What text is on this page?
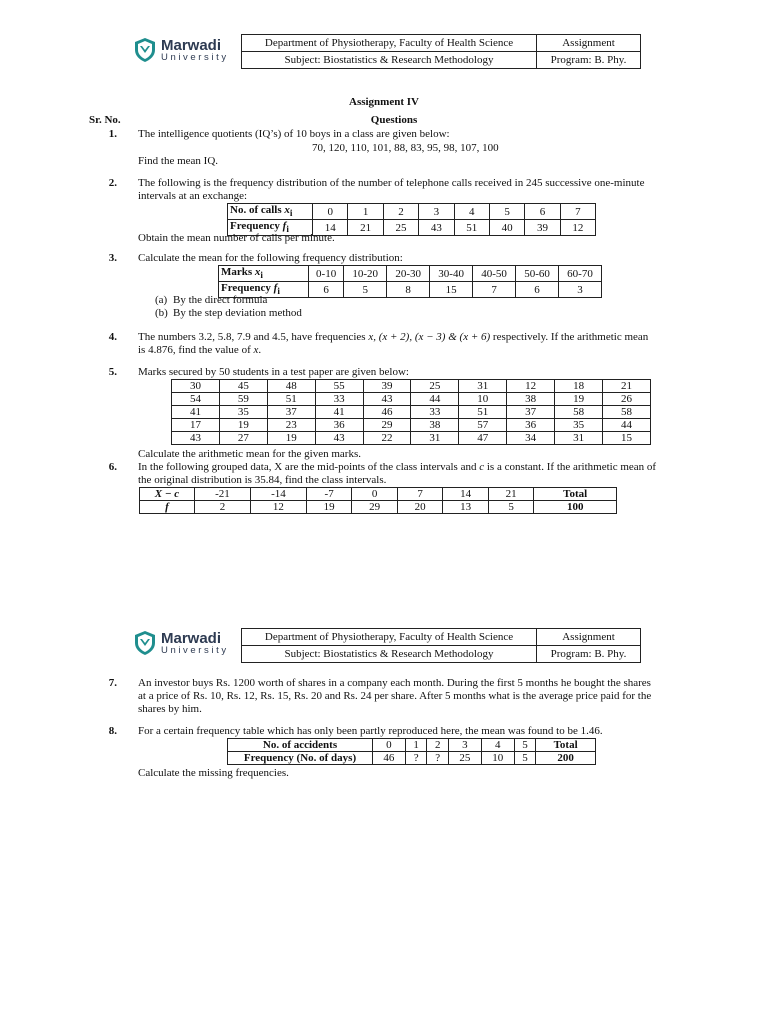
Marwadi
University
Department of Physiotherapy, Faculty of Health Science	Assignment
Subject: Biostatistics & Research Methodology	Program: B. Phy.
Assignment IV
Sr. No.	Questions
1. The intelligence quotients (IQ’s) of 10 boys in a class are given below:
70, 120, 110, 101, 88, 83, 95, 98, 107, 100
Find the mean IQ.
2. The following is the frequency distribution of the number of telephone calls received in 245 successive one-minute
intervals at an exchange:
No. of calls $x_i$	0	1	2	3	4	5	6	7
Frequency $f_i$	14	21	25	43	51	40	39	12
Obtain the mean number of calls per minute.
3. Calculate the mean for the following frequency distribution:
Marks $x_i$	0-10	10-20	20-30	30-40	40-50	50-60	60-70
Frequency $f_i$	6	5	8	15	7	6	3
(a) By the direct formula
(b) By the step deviation method
4. The numbers 3.2, 5.8, 7.9 and 4.5, have frequencies x, (x + 2), (x − 3) & (x + 6) respectively. If the arithmetic mean
is 4.876, find the value of x.
5. Marks secured by 50 students in a test paper are given below:
30	45	48	55	39	25	31	12	18	21
54	59	51	33	43	44	10	38	19	26
41	35	37	41	46	33	51	37	58	58
17	19	23	36	29	38	57	36	35	44
43	27	19	43	22	31	47	34	31	15
Calculate the arithmetic mean for the given marks.
6. In the following grouped data, X are the mid-points of the class intervals and c is a constant. If the arithmetic mean of
the original distribution is 35.84, find the class intervals.
X − c	-21	-14	-7	0	7	14	21	Total
f	2	12	19	29	20	13	5	100
Marwadi
University
Department of Physiotherapy, Faculty of Health Science	Assignment
Subject: Biostatistics & Research Methodology	Program: B. Phy.
7. An investor buys Rs. 1200 worth of shares in a company each month. During the first 5 months he bought the shares
at a price of Rs. 10, Rs. 12, Rs. 15, Rs. 20 and Rs. 24 per share. After 5 months what is the average price paid for the
shares by him.
8. For a certain frequency table which has only been partly reproduced here, the mean was found to be 1.46.
No. of accidents	0	1	2	3	4	5	Total
Frequency (No. of days)	46	?	?	25	10	5	200
Calculate the missing frequencies.
